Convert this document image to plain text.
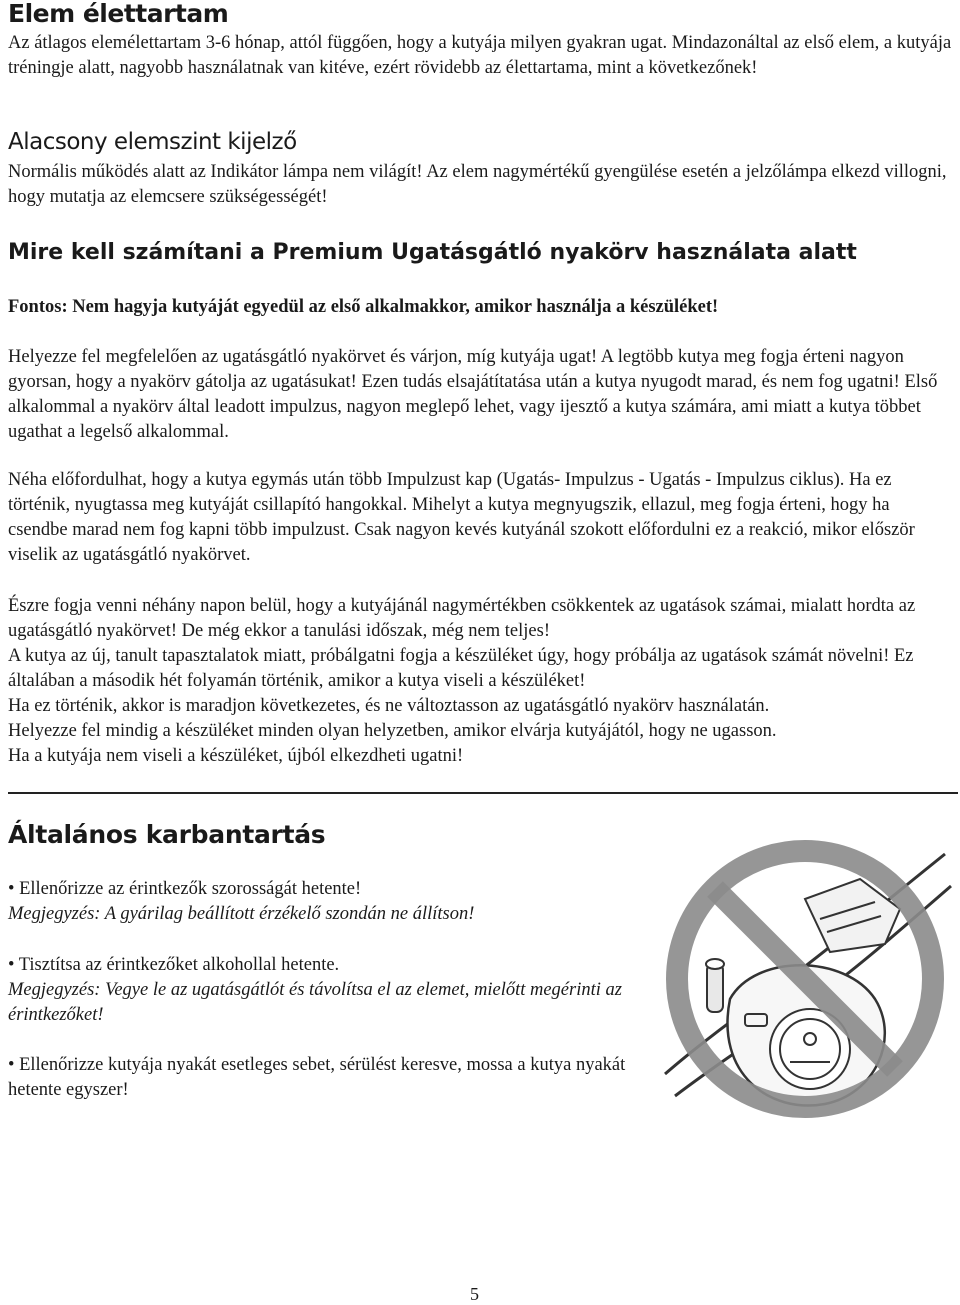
Elem élettartam

Az átlagos elemélettartam 3-6 hónap, attól függően, hogy a kutyája milyen gyakran ugat. Mindazonáltal az első elem, a kutyája tréningje alatt, nagyobb használatnak van kitéve, ezért rövidebb az élettartama, mint a következőnek!

Alacsony elemszint kijelző

Normális működés alatt az Indikátor lámpa nem világít! Az elem nagymértékű gyengülése esetén a jelzőlámpa elkezd villogni, hogy mutatja az elemcsere szükségességét!

Mire kell számítani a Premium Ugatásgátló nyakörv használata alatt

Fontos: Nem hagyja kutyáját egyedül az első alkalmakkor, amikor használja a készüléket!

Helyezze fel megfelelően az ugatásgátló nyakörvet és várjon, míg kutyája ugat! A legtöbb kutya meg fogja érteni nagyon gyorsan, hogy a nyakörv gátolja az ugatásukat! Ezen tudás elsajátítatása után a kutya nyugodt marad, és nem fog ugatni! Első alkalommal a nyakörv által leadott impulzus, nagyon meglepő lehet, vagy ijesztő a kutya számára, ami miatt a kutya többet ugathat a legelső alkalommal.

Néha előfordulhat, hogy a kutya egymás után több Impulzust kap (Ugatás- Impulzus - Ugatás - Impulzus ciklus). Ha ez történik, nyugtassa meg kutyáját csillapító hangokkal. Mihelyt a kutya megnyugszik, ellazul, meg fogja érteni, hogy ha csendbe marad nem fog kapni több impulzust. Csak nagyon kevés kutyánál szokott előfordulni ez a reakció, mikor először viselik az ugatásgátló nyakörvet.

Észre fogja venni néhány napon belül, hogy a kutyájánál nagymértékben csökkentek az ugatások számai, mialatt hordta az ugatásgátló nyakörvet! De még ekkor a tanulási időszak, még nem teljes!
A kutya az új, tanult tapasztalatok miatt, próbálgatni fogja a készüléket úgy, hogy próbálja az ugatások számát növelni! Ez általában a második hét folyamán történik, amikor a kutya viseli a készüléket!
Ha ez történik, akkor is maradjon következetes, és ne változtasson az ugatásgátló nyakörv használatán.
Helyezze fel mindig a készüléket minden olyan helyzetben, amikor elvárja kutyájától, hogy ne ugasson.
Ha a kutyája nem viseli a készüléket, újból elkezdheti ugatni!
Általános karbantartás
• Ellenőrizze az érintkezők szorosságát hetente!
Megjegyzés: A gyárilag beállított érzékelő szondán ne állítson!
• Tisztítsa az érintkezőket alkohollal hetente.
Megjegyzés: Vegye le az ugatásgátlót és távolítsa el az elemet, mielőtt megérinti az érintkezőket!
• Ellenőrizze kutyája nyakát esetleges sebet, sérülést keresve, mossa a kutya nyakát hetente egyszer!
5
